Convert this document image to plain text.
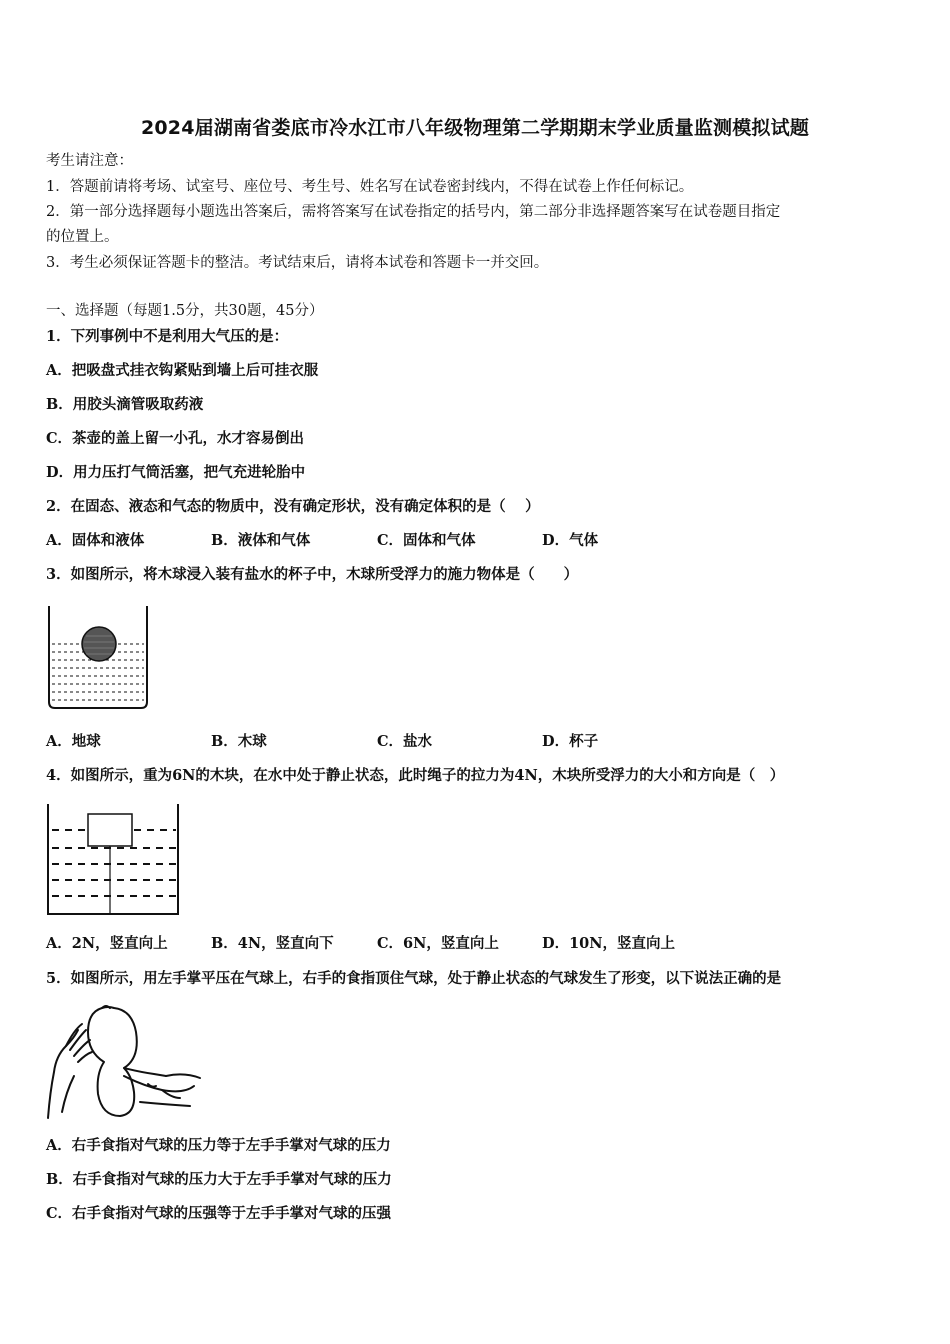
2024届湖南省娄底市冷水江市八年级物理第二学期期末学业质量监测模拟试题
考生请注意：
1．答题前请将考场、试室号、座位号、考生号、姓名写在试卷密封线内，不得在试卷上作任何标记。
2．第一部分选择题每小题选出答案后，需将答案写在试卷指定的括号内，第二部分非选择题答案写在试卷题目指定
的位置上。
3．考生必须保证答题卡的整洁。考试结束后，请将本试卷和答题卡一并交回。
一、选择题（每题1.5分，共30题，45分）
1．下列事例中不是利用大气压的是：
A．把吸盘式挂衣钩紧贴到墙上后可挂衣服
B．用胶头滴管吸取药液
C．茶壶的盖上留一小孔，水才容易倒出
D．用力压打气筒活塞，把气充进轮胎中
2．在固态、液态和气态的物质中，没有确定形状，没有确定体积的是（　 ）
A．固体和液体	B．液体和气体	C．固体和气体	D．气体
3．如图所示，将木球浸入装有盐水的杯子中，木球所受浮力的施力物体是（　　）
A．地球	B．木球	C．盐水	D．杯子
4．如图所示，重为6N的木块，在水中处于静止状态，此时绳子的拉力为4N，木块所受浮力的大小和方向是（　）
A．2N，竖直向上	B．4N，竖直向下	C．6N，竖直向上	D．10N，竖直向上
5．如图所示，用左手掌平压在气球上，右手的食指顶住气球，处于静止状态的气球发生了形变，以下说法正确的是
A．右手食指对气球的压力等于左手手掌对气球的压力
B．右手食指对气球的压力大于左手手掌对气球的压力
C．右手食指对气球的压强等于左手手掌对气球的压强
